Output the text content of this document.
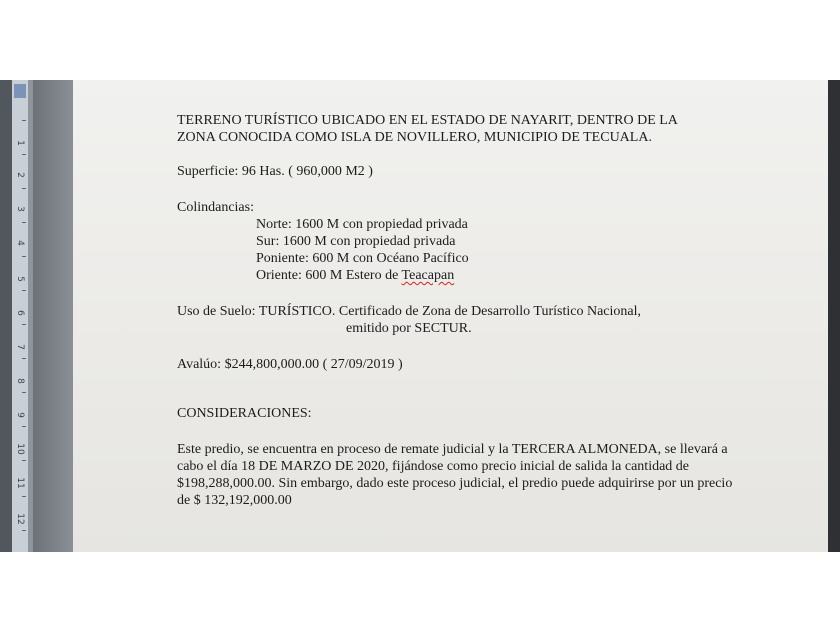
1
2
3
4
5
6
7
8
9
10
11
12

TERRENO TURÍSTICO UBICADO EN EL ESTADO DE NAYARIT, DENTRO DE LA ZONA CONOCIDA COMO ISLA DE NOVILLERO, MUNICIPIO DE TECUALA.

Superficie: 96 Has. ( 960,000 M2 )

Colindancias:

Norte: 1600 M con propiedad privada

Sur: 1600 M con propiedad privada

Poniente: 600 M con Océano Pacífico

Oriente: 600 M Estero de Teacapan

Uso de Suelo: TURÍSTICO. Certificado de Zona de Desarrollo Turístico Nacional,

emitido por SECTUR.

Avalúo: $244,800,000.00 ( 27/09/2019 )

CONSIDERACIONES:

Este predio, se encuentra en proceso de remate judicial y la TERCERA ALMONEDA, se llevará a cabo el día 18 DE MARZO DE 2020, fijándose como precio inicial de salida la cantidad de $198,288,000.00. Sin embargo, dado este proceso judicial, el predio puede adquirirse por un precio de $ 132,192,000.00
